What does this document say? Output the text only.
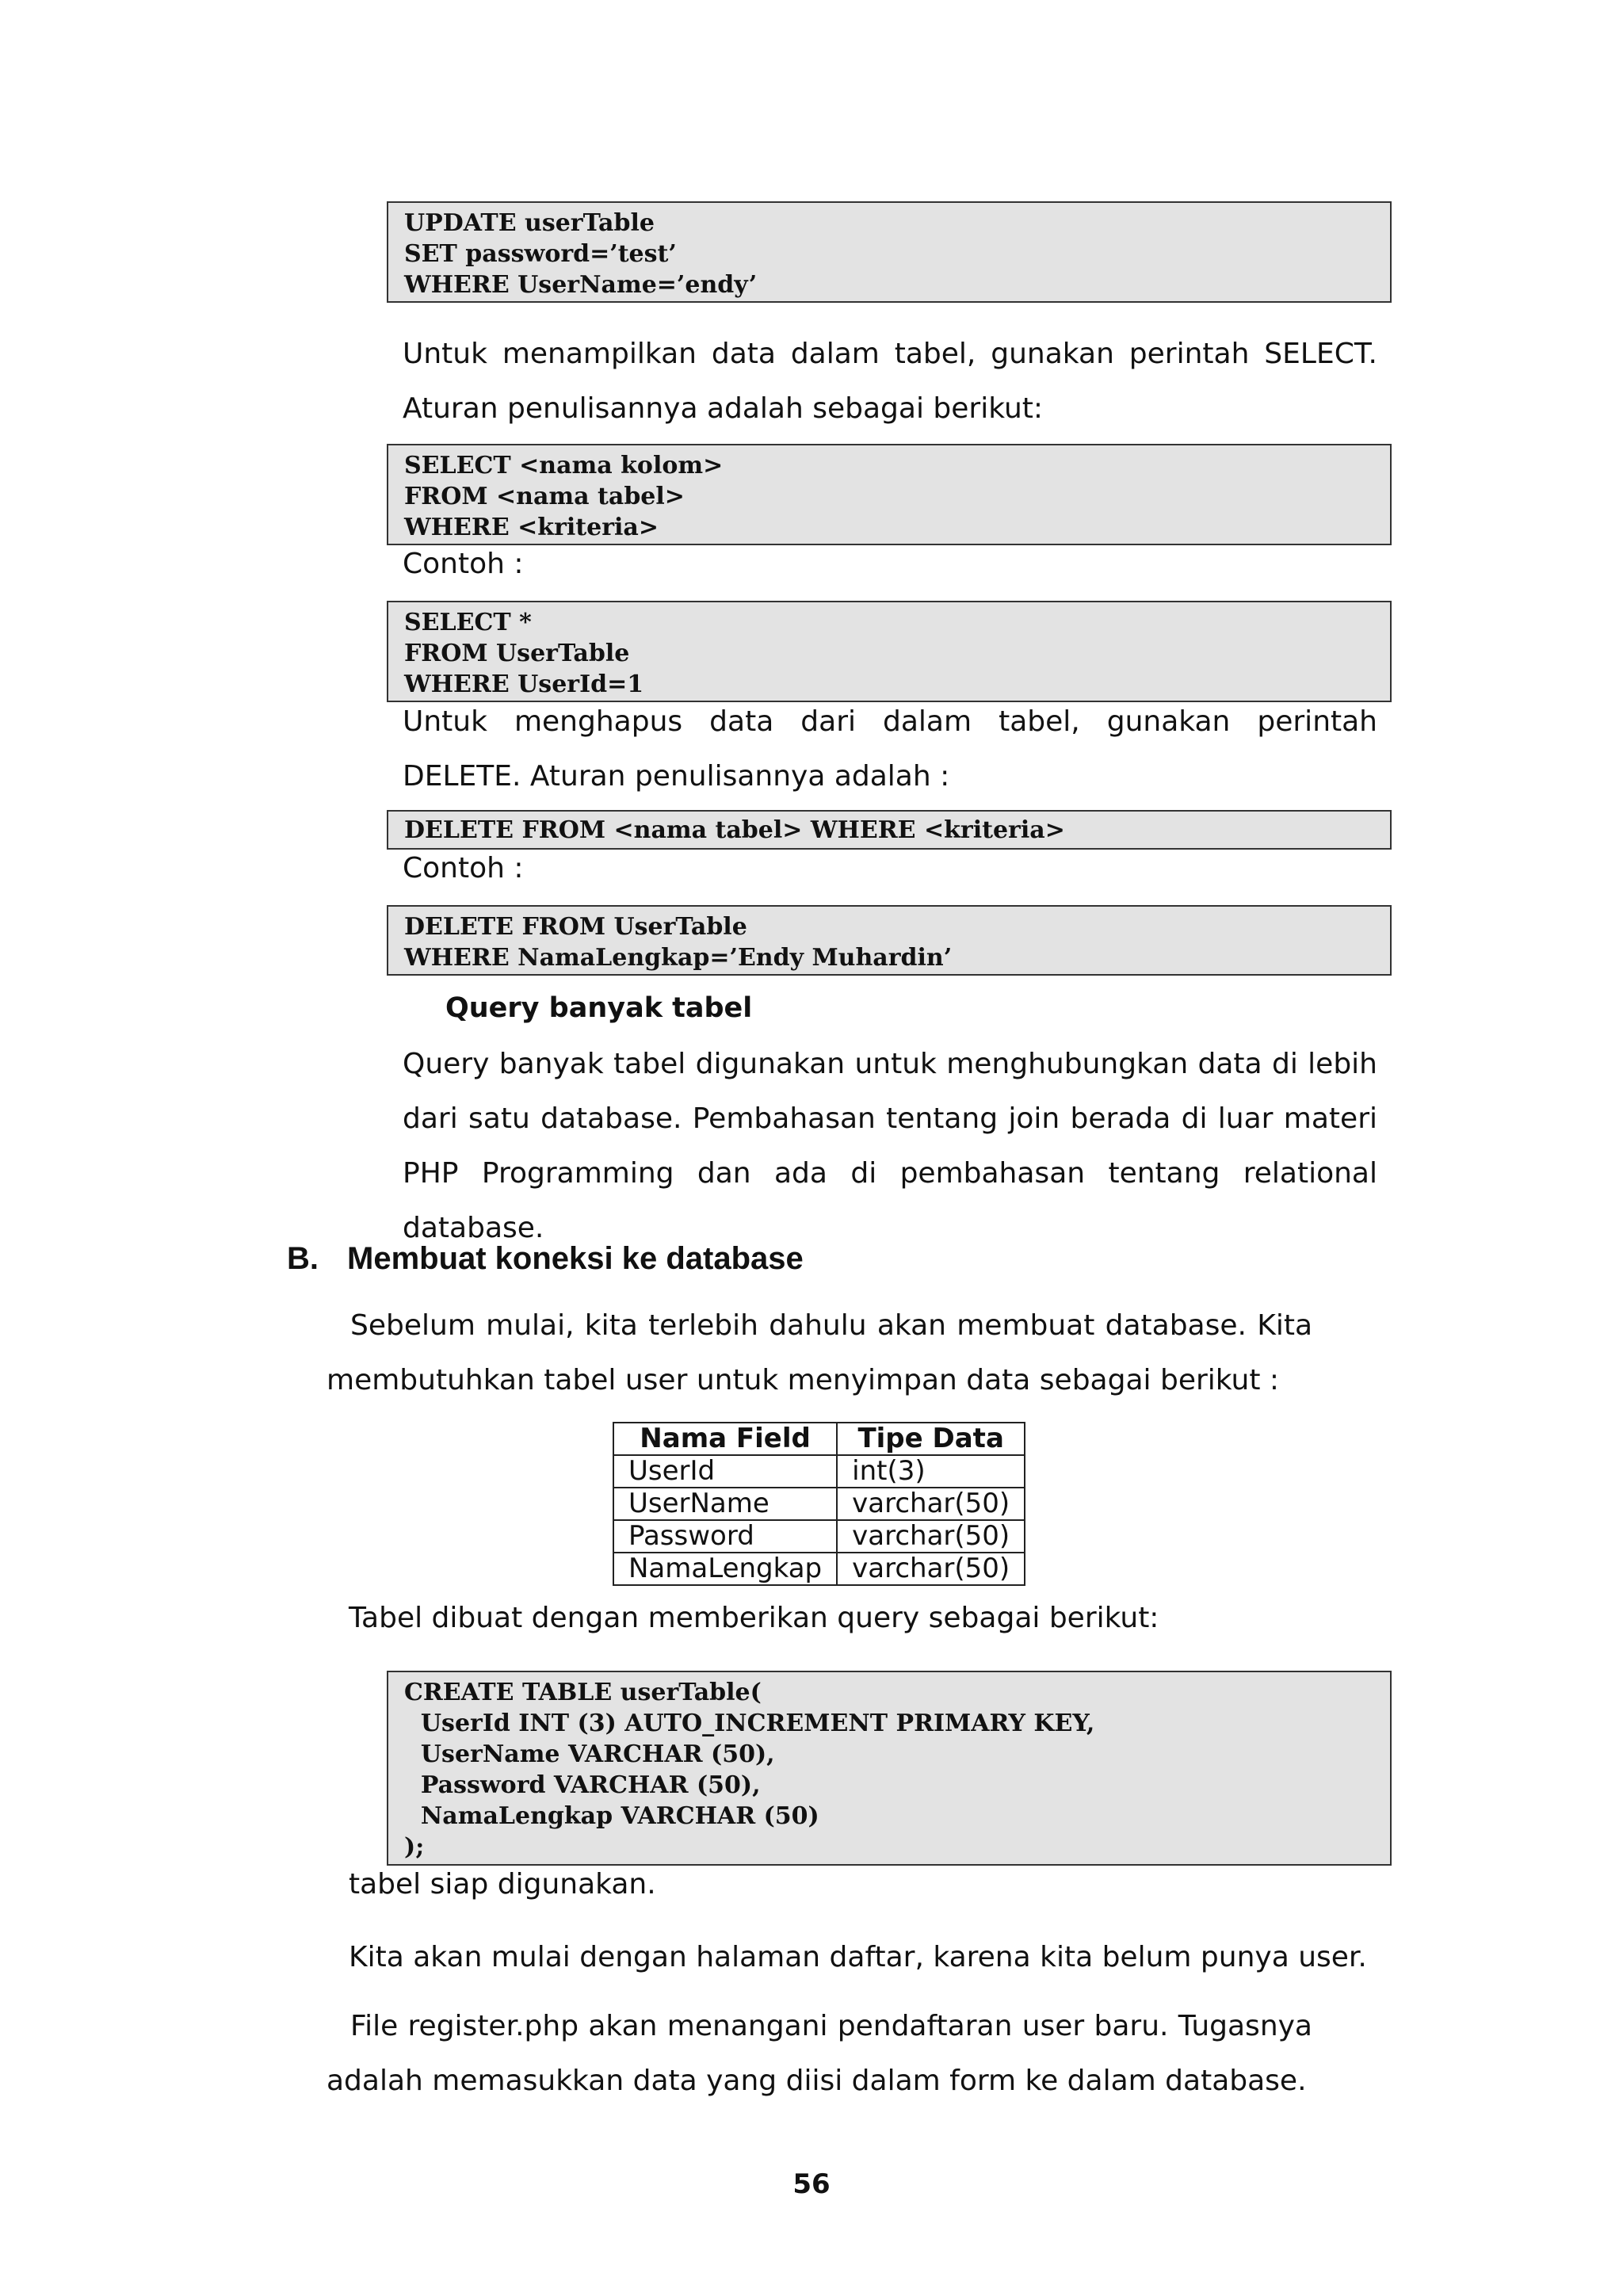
UPDATE userTable
SET password=’test’
WHERE UserName=’endy’

Untuk menampilkan data dalam tabel, gunakan perintah SELECT. Aturan penulisannya adalah sebagai berikut:

SELECT <nama kolom>
FROM <nama tabel>
WHERE <kriteria>

Contoh :

SELECT *
FROM UserTable
WHERE UserId=1

Untuk menghapus data dari dalam tabel, gunakan perintah DELETE. Aturan penulisannya adalah :

DELETE FROM <nama tabel> WHERE <kriteria>

Contoh :

DELETE FROM UserTable
WHERE NamaLengkap=’Endy Muhardin’

Query banyak tabel

Query banyak tabel digunakan untuk menghubungkan data di lebih dari satu database. Pembahasan tentang join berada di luar materi PHP Programming dan ada di pembahasan tentang relational database.

B. Membuat koneksi ke database

Sebelum mulai, kita terlebih dahulu akan membuat database. Kita membutuhkan tabel user untuk menyimpan data sebagai berikut :

Nama Field	Tipe Data
UserId	int(3)
UserName	varchar(50)
Password	varchar(50)
NamaLengkap	varchar(50)

Tabel dibuat dengan memberikan query sebagai berikut:

CREATE TABLE userTable(
UserId INT (3) AUTO_INCREMENT PRIMARY KEY,
UserName VARCHAR (50),
Password VARCHAR (50),
NamaLengkap VARCHAR (50)
);

tabel siap digunakan.

Kita akan mulai dengan halaman daftar, karena kita belum punya user.

File register.php akan menangani pendaftaran user baru. Tugasnya adalah memasukkan data yang diisi dalam form ke dalam database.

56
